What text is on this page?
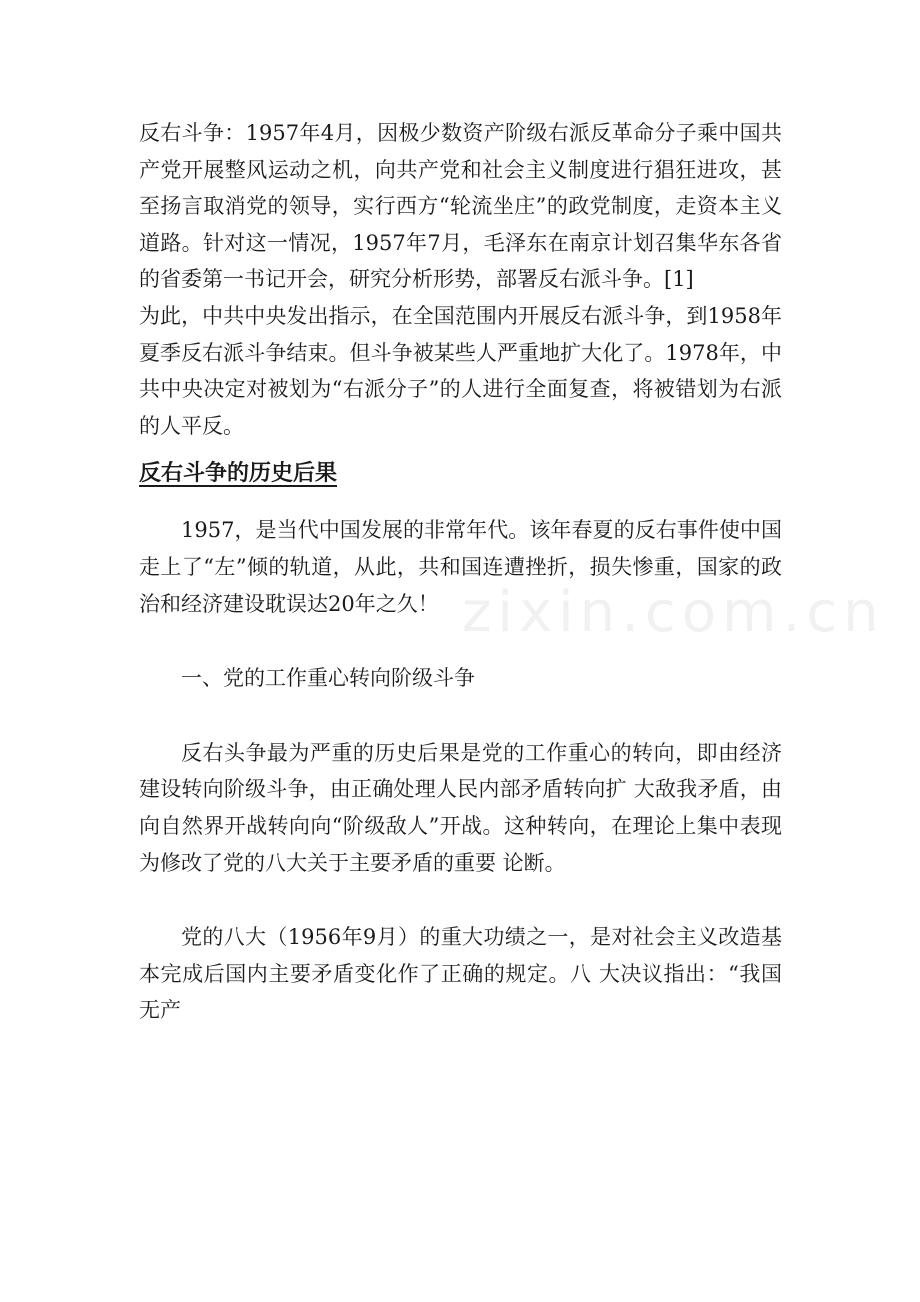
zixin.com.cn

反右斗争：1957年4月，因极少数资产阶级右派反革命分子乘中国共产党开展整风运动之机，向共产党和社会主义制度进行猖狂进攻，甚至扬言取消党的领导，实行西方“轮流坐庄”的政党制度，走资本主义道路。针对这一情况，1957年7月，毛泽东在南京计划召集华东各省的省委第一书记开会，研究分析形势，部署反右派斗争。[1]

为此，中共中央发出指示，在全国范围内开展反右派斗争，到1958年夏季反右派斗争结束。但斗争被某些人严重地扩大化了。1978年，中共中央决定对被划为“右派分子”的人进行全面复查，将被错划为右派的人平反。

反右斗争的历史后果

1957，是当代中国发展的非常年代。该年春夏的反右事件使中国走上了“左”倾的轨道，从此，共和国连遭挫折，损失惨重，国家的政治和经济建设耽误达20年之久！

一、党的工作重心转向阶级斗争

反右头争最为严重的历史后果是党的工作重心的转向，即由经济建设转向阶级斗争，由正确处理人民内部矛盾转向扩 大敌我矛盾，由向自然界开战转向向“阶级敌人”开战。这种转向，在理论上集中表现为修改了党的八大关于主要矛盾的重要 论断。

党的八大（1956年9月）的重大功绩之一，是对社会主义改造基本完成后国内主要矛盾变化作了正确的规定。八 大决议指出：“我国无产
